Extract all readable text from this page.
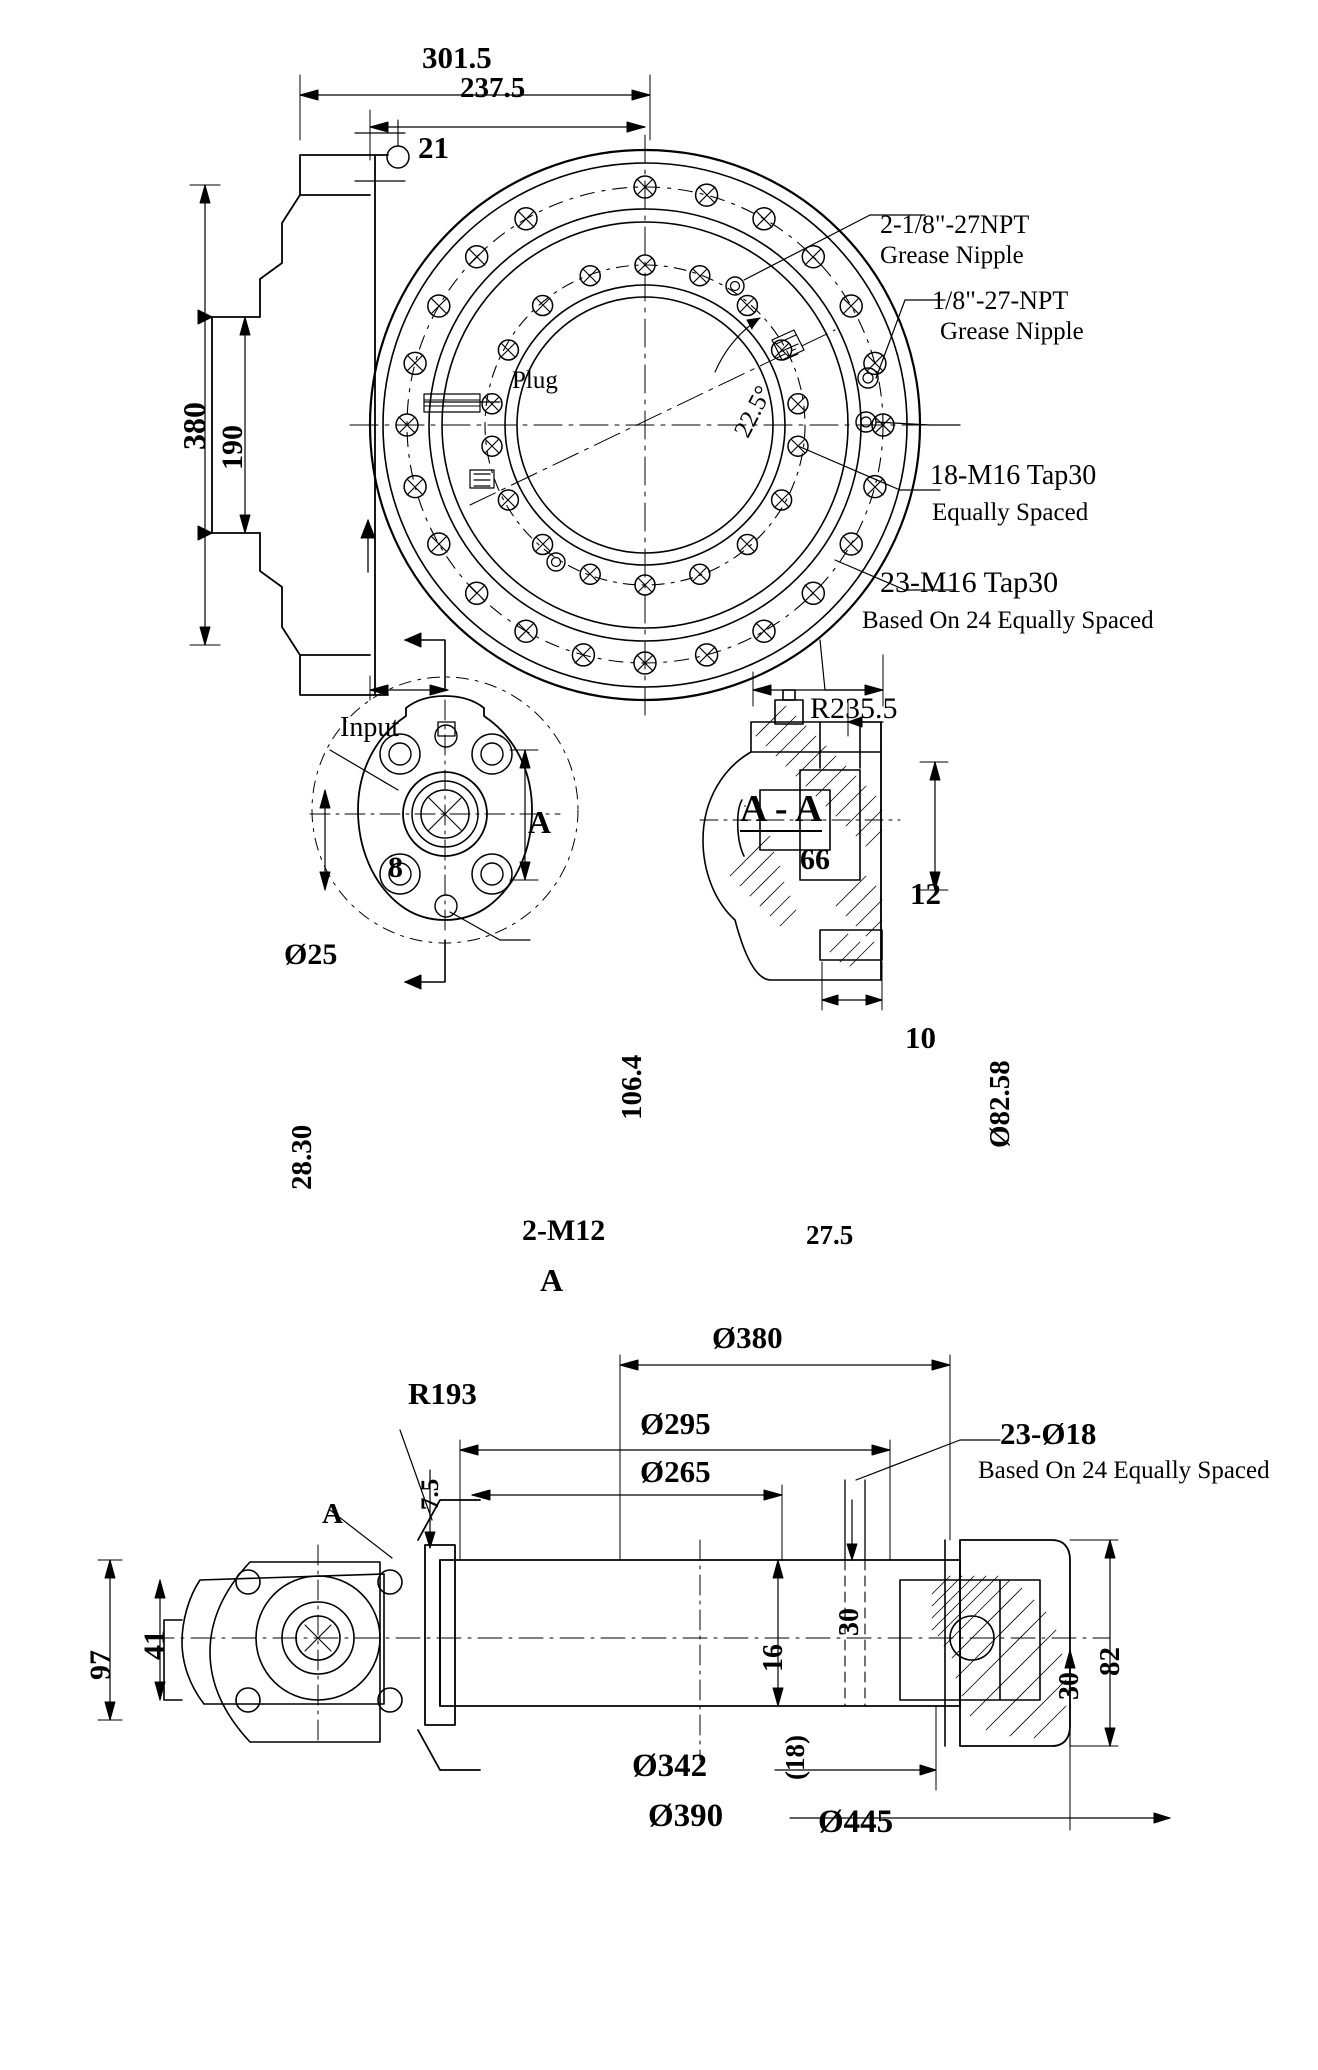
301.5
237.5
21
380 190
Input
Plug
22.5°
2-1/8"-27NPT
Grease Nipple
1/8"-27-NPT
Grease Nipple
18-M16 Tap30
Equally Spaced
23-M16 Tap30
Based On 24 Equally Spaced
R235.5
8
Ø25
106.4
28.30
2-M12
A
A
A - A
66
12
10
Ø82.58
27.5
Ø380
R193
Ø295
Ø265
7.5
A
97
41	16
30
30
82
(18)
Ø342
Ø390	Ø445
23-Ø18
Based On 24 Equally Spaced
